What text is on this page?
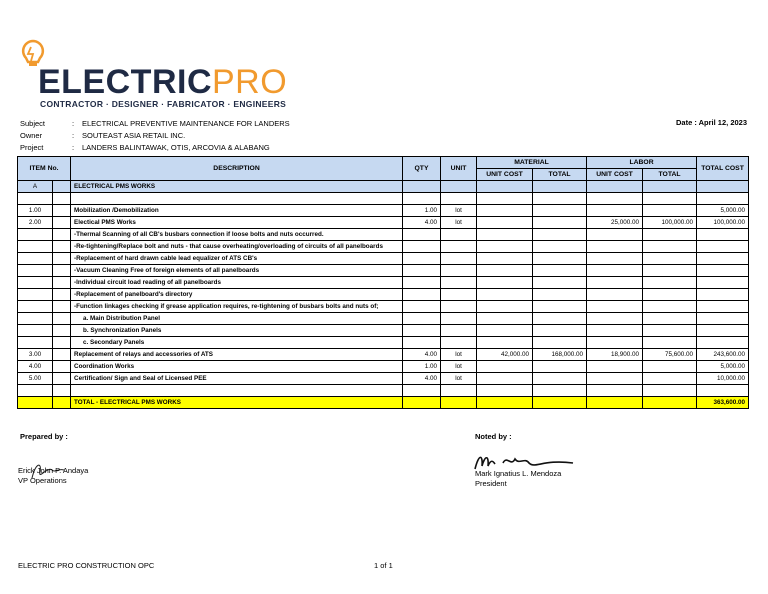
ELECTRICPRO
CONTRACTOR · DESIGNER · FABRICATOR · ENGINEERS
Subject	:	ELECTRICAL PREVENTIVE MAINTENANCE FOR LANDERS
Owner	:	SOUTEAST ASIA RETAIL INC.
Project	:	LANDERS BALINTAWAK, OTIS, ARCOVIA & ALABANG
Date : April 12, 2023
ITEM No.		DESCRIPTION	QTY	UNIT	MATERIAL		LABOR		TOTAL COST
					UNIT COST	TOTAL	UNIT COST	TOTAL	
A		ELECTRICAL PMS WORKS							

1.00		Mobilization /Demobilization	1.00	lot					5,000.00
2.00		Electical PMS Works	4.00	lot			25,000.00	100,000.00	100,000.00
		-Thermal Scanning of all CB's busbars connection if loose bolts and nuts occurred.							
		-Re-tightening/Replace bolt and nuts - that cause overheating/overloading of circuits of all panelboards							
		-Replacement of hard drawn cable lead equalizer of ATS CB's							
		-Vacuum Cleaning Free of foreign elements of all panelboards							
		-Individual circuit load reading of all panelboards							
		-Replacement of panelboard's directory							
		-Function linkages checking if grease application requires, re-tightening of busbars bolts and nuts of;							
		a. Main Distribution Panel							
		b. Synchronization Panels							
		c. Secondary Panels							
3.00		Replacement of relays and accessories of ATS	4.00	lot	42,000.00	168,000.00	18,900.00	75,600.00	243,600.00
4.00		Coordination Works	1.00	lot					5,000.00
5.00		Certification/ Sign and Seal of Licensed PEE	4.00	lot					10,000.00

		TOTAL - ELECTRICAL PMS WORKS							363,600.00
Prepared by :	Noted by :
Erick John P. Andaya
VP Operations
Mark Ignatius L. Mendoza
President
ELECTRIC PRO CONSTRUCTION OPC	1 of 1
